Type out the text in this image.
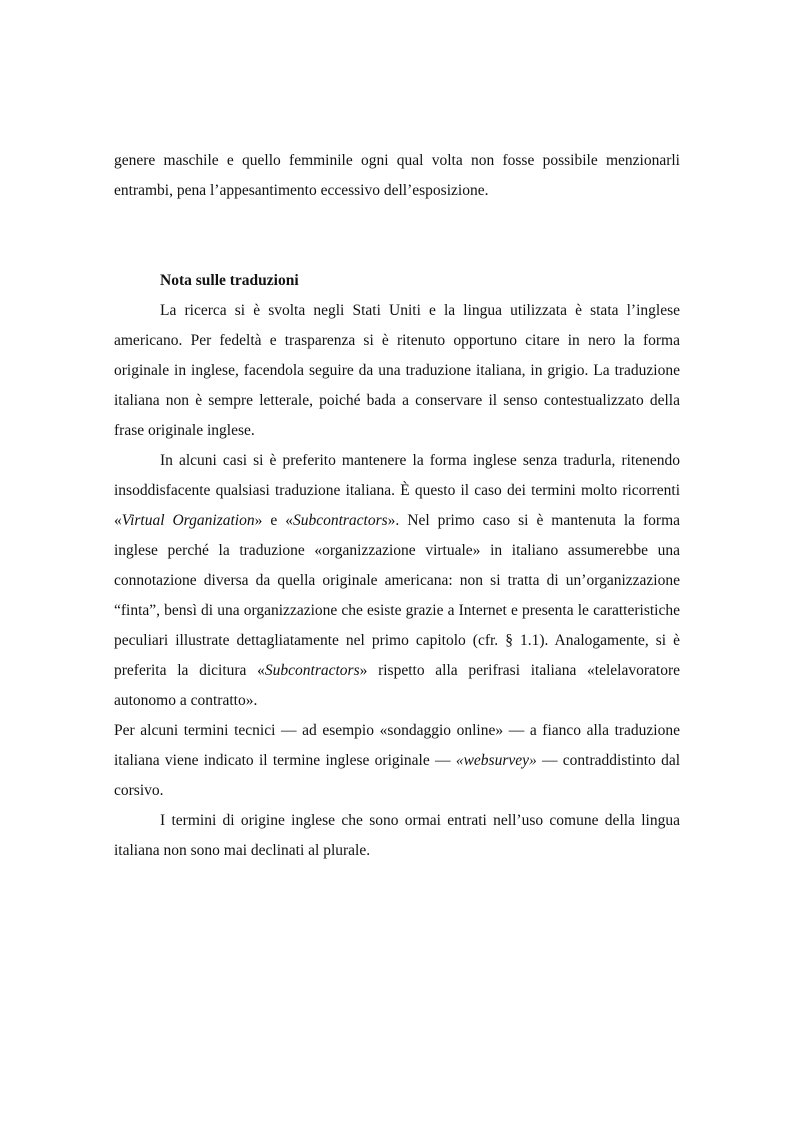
genere maschile e quello femminile ogni qual volta non fosse possibile menzionarli entrambi, pena l’appesantimento eccessivo dell’esposizione.

Nota sulle traduzioni

La ricerca si è svolta negli Stati Uniti e la lingua utilizzata è stata l’inglese americano. Per fedeltà e trasparenza si è ritenuto opportuno citare in nero la forma originale in inglese, facendola seguire da una traduzione italiana, in grigio. La traduzione italiana non è sempre letterale, poiché bada a conservare il senso contestualizzato della frase originale inglese.

In alcuni casi si è preferito mantenere la forma inglese senza tradurla, ritenendo insoddisfacente qualsiasi traduzione italiana. È questo il caso dei termini molto ricorrenti «Virtual Organization» e «Subcontractors». Nel primo caso si è mantenuta la forma inglese perché la traduzione «organizzazione virtuale» in italiano assumerebbe una connotazione diversa da quella originale americana: non si tratta di un’organizzazione “finta”, bensì di una organizzazione che esiste grazie a Internet e presenta le caratteristiche peculiari illustrate dettagliatamente nel primo capitolo (cfr. § 1.1). Analogamente, si è preferita la dicitura «Subcontractors» rispetto alla perifrasi italiana «telelavoratore autonomo a contratto».

Per alcuni termini tecnici — ad esempio «sondaggio online» — a fianco alla traduzione italiana viene indicato il termine inglese originale — «websurvey» — contraddistinto dal corsivo.

I termini di origine inglese che sono ormai entrati nell’uso comune della lingua italiana non sono mai declinati al plurale.
